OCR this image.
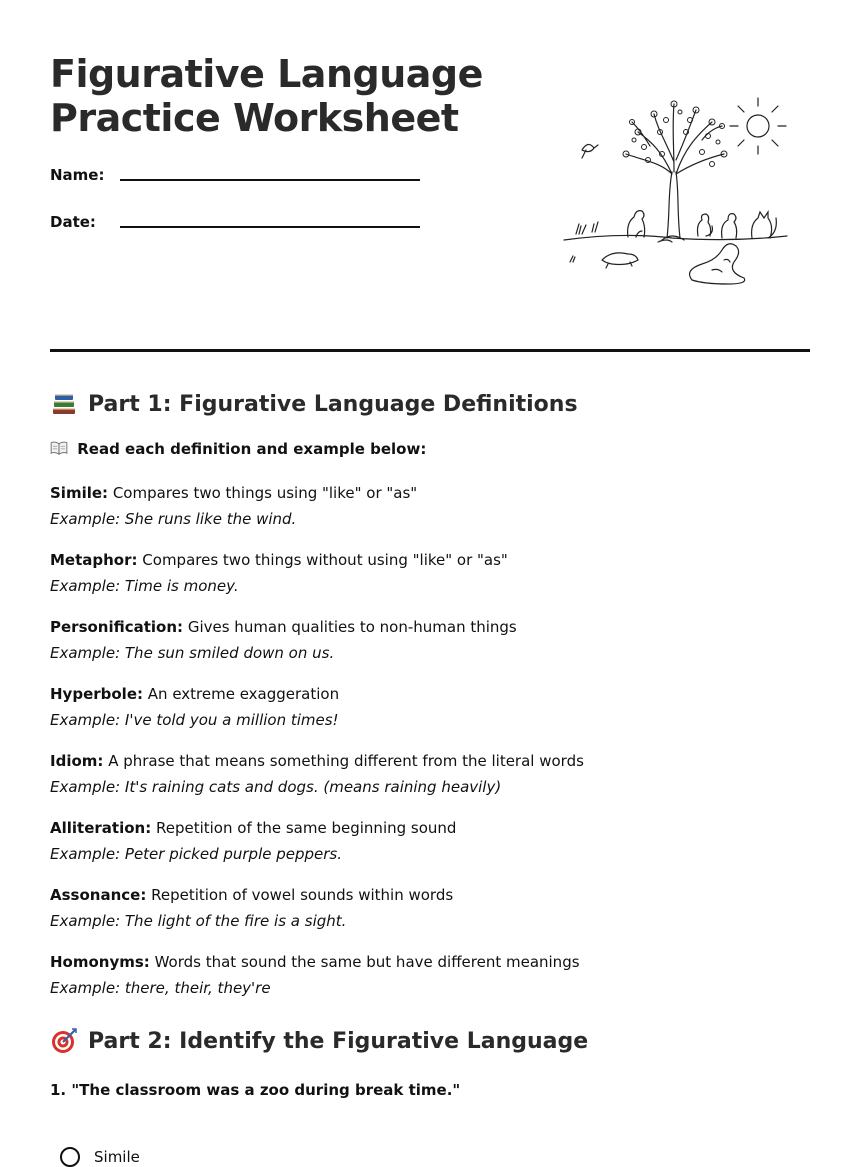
Figurative Language
Practice Worksheet
Name:
Date:
Part 1: Figurative Language Definitions
Read each definition and example below:
Simile: Compares two things using "like" or "as"
Example: She runs like the wind.
Metaphor: Compares two things without using "like" or "as"
Example: Time is money.
Personification: Gives human qualities to non-human things
Example: The sun smiled down on us.
Hyperbole: An extreme exaggeration
Example: I've told you a million times!
Idiom: A phrase that means something different from the literal words
Example: It's raining cats and dogs. (means raining heavily)
Alliteration: Repetition of the same beginning sound
Example: Peter picked purple peppers.
Assonance: Repetition of vowel sounds within words
Example: The light of the fire is a sight.
Homonyms: Words that sound the same but have different meanings
Example: there, their, they're
Part 2: Identify the Figurative Language
1. "The classroom was a zoo during break time."
Simile
